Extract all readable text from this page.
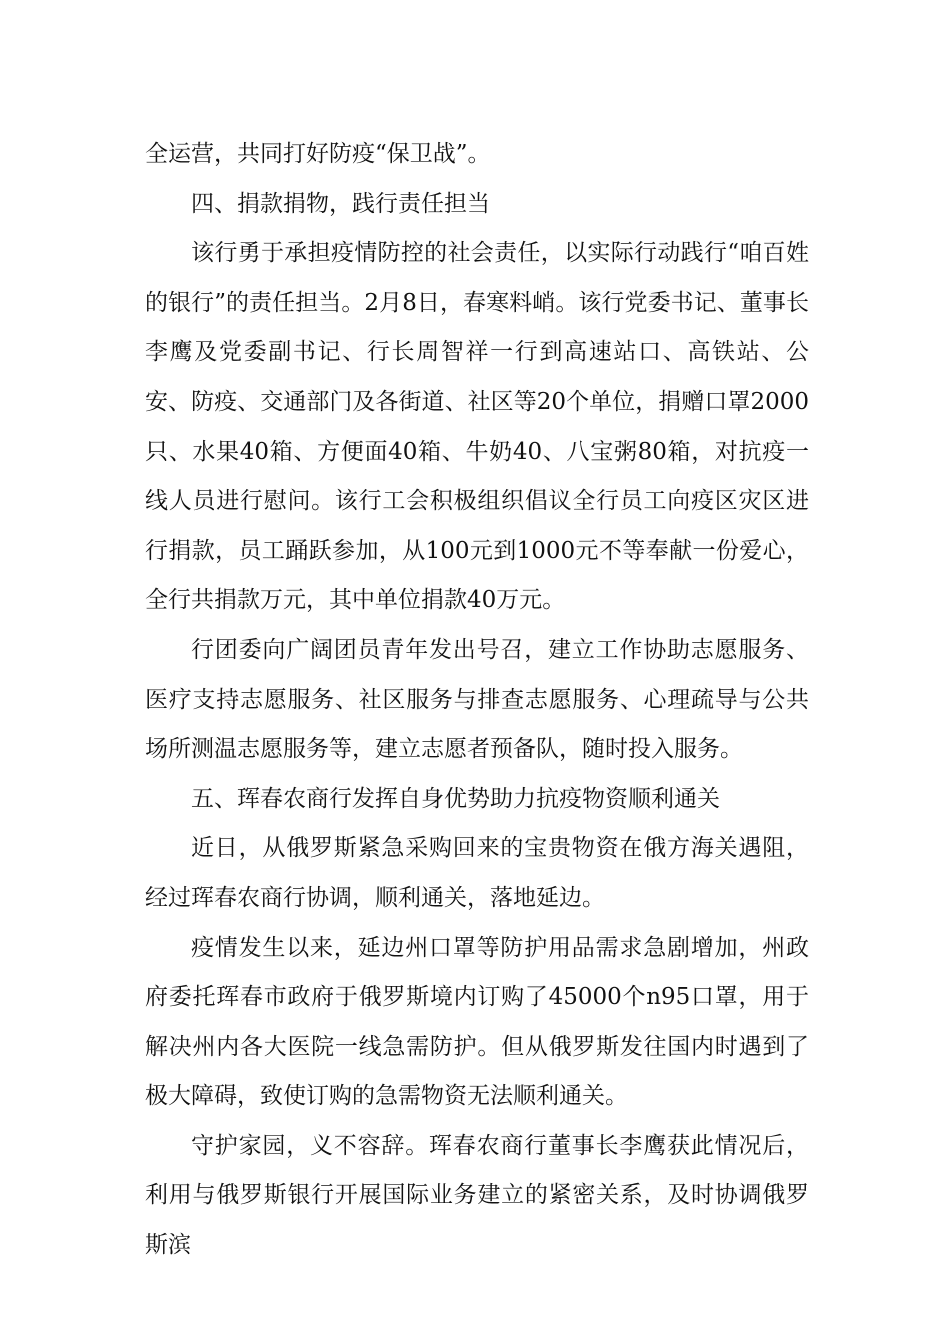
全运营，共同打好防疫“保卫战”。

四、捐款捐物，践行责任担当

该行勇于承担疫情防控的社会责任，以实际行动践行“咱百姓的银行”的责任担当。2月8日，春寒料峭。该行党委书记、董事长李鹰及党委副书记、行长周智祥一行到高速站口、高铁站、公安、防疫、交通部门及各街道、社区等20个单位，捐赠口罩2000只、水果40箱、方便面40箱、牛奶40、八宝粥80箱，对抗疫一线人员进行慰问。该行工会积极组织倡议全行员工向疫区灾区进行捐款，员工踊跃参加，从100元到1000元不等奉献一份爱心，全行共捐款万元，其中单位捐款40万元。

行团委向广阔团员青年发出号召，建立工作协助志愿服务、医疗支持志愿服务、社区服务与排查志愿服务、心理疏导与公共场所测温志愿服务等，建立志愿者预备队，随时投入服务。

五、珲春农商行发挥自身优势助力抗疫物资顺利通关

近日，从俄罗斯紧急采购回来的宝贵物资在俄方海关遇阻，经过珲春农商行协调，顺利通关，落地延边。

疫情发生以来，延边州口罩等防护用品需求急剧增加，州政府委托珲春市政府于俄罗斯境内订购了45000个n95口罩，用于解决州内各大医院一线急需防护。但从俄罗斯发往国内时遇到了极大障碍，致使订购的急需物资无法顺利通关。

守护家园，义不容辞。珲春农商行董事长李鹰获此情况后，利用与俄罗斯银行开展国际业务建立的紧密关系，及时协调俄罗斯滨
